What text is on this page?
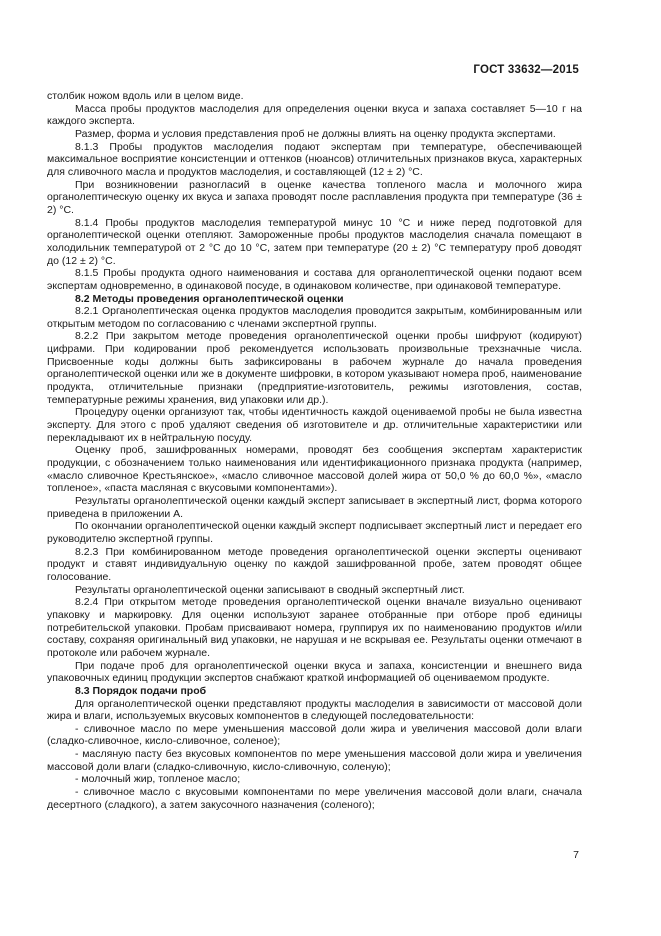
ГОСТ 33632—2015

столбик ножом вдоль или в целом виде.

Масса пробы продуктов маслоделия для определения оценки вкуса и запаха составляет 5—10 г на каждого эксперта.

Размер, форма и условия представления проб не должны влиять на оценку продукта экспертами.

8.1.3 Пробы продуктов маслоделия подают экспертам при температуре, обеспечивающей максимальное восприятие консистенции и оттенков (нюансов) отличительных признаков вкуса, характерных для сливочного масла и продуктов маслоделия, и составляющей (12 ± 2) °С.

При возникновении разногласий в оценке качества топленого масла и молочного жира органолептическую оценку их вкуса и запаха проводят после расплавления продукта при температуре (36 ± 2) °С.

8.1.4 Пробы продуктов маслоделия температурой минус 10 °С и ниже перед подготовкой для органолептической оценки отепляют. Замороженные пробы продуктов маслоделия сначала помещают в холодильник температурой от 2 °С до 10 °С, затем при температуре (20 ± 2) °С температуру проб доводят до (12 ± 2) °С.

8.1.5 Пробы продукта одного наименования и состава для органолептической оценки подают всем экспертам одновременно, в одинаковой посуде, в одинаковом количестве, при одинаковой температуре.

8.2 Методы проведения органолептической оценки

8.2.1 Органолептическая оценка продуктов маслоделия проводится закрытым, комбинированным или открытым методом по согласованию с членами экспертной группы.

8.2.2 При закрытом методе проведения органолептической оценки пробы шифруют (кодируют) цифрами. При кодировании проб рекомендуется использовать произвольные трехзначные числа. Присвоенные коды должны быть зафиксированы в рабочем журнале до начала проведения органолептической оценки или же в документе шифровки, в котором указывают номера проб, наименование продукта, отличительные признаки (предприятие-изготовитель, режимы изготовления, состав, температурные режимы хранения, вид упаковки или др.).

Процедуру оценки организуют так, чтобы идентичность каждой оцениваемой пробы не была известна эксперту. Для этого с проб удаляют сведения об изготовителе и др. отличительные характеристики или перекладывают их в нейтральную посуду.

Оценку проб, зашифрованных номерами, проводят без сообщения экспертам характеристик продукции, с обозначением только наименования или идентификационного признака продукта (например, «масло сливочное Крестьянское», «масло сливочное массовой долей жира от 50,0 % до 60,0 %», «масло топленое», «паста масляная с вкусовыми компонентами»).

Результаты органолептической оценки каждый эксперт записывает в экспертный лист, форма которого приведена в приложении А.

По окончании органолептической оценки каждый эксперт подписывает экспертный лист и передает его руководителю экспертной группы.

8.2.3 При комбинированном методе проведения органолептической оценки эксперты оценивают продукт и ставят индивидуальную оценку по каждой зашифрованной пробе, затем проводят общее голосование.

Результаты органолептической оценки записывают в сводный экспертный лист.

8.2.4 При открытом методе проведения органолептической оценки вначале визуально оценивают упаковку и маркировку. Для оценки используют заранее отобранные при отборе проб единицы потребительской упаковки. Пробам присваивают номера, группируя их по наименованию продуктов и/или составу, сохраняя оригинальный вид упаковки, не нарушая и не вскрывая ее. Результаты оценки отмечают в протоколе или рабочем журнале.

При подаче проб для органолептической оценки вкуса и запаха, консистенции и внешнего вида упаковочных единиц продукции экспертов снабжают краткой информацией об оцениваемом продукте.

8.3 Порядок подачи проб

Для органолептической оценки представляют продукты маслоделия в зависимости от массовой доли жира и влаги, используемых вкусовых компонентов в следующей последовательности:

- сливочное масло по мере уменьшения массовой доли жира и увеличения массовой доли влаги (сладко-сливочное, кисло-сливочное, соленое);

- масляную пасту без вкусовых компонентов по мере уменьшения массовой доли жира и увеличения массовой доли влаги (сладко-сливочную, кисло-сливочную, соленую);

- молочный жир, топленое масло;

- сливочное масло с вкусовыми компонентами по мере увеличения массовой доли влаги, сначала десертного (сладкого), а затем закусочного назначения (соленого);

7
